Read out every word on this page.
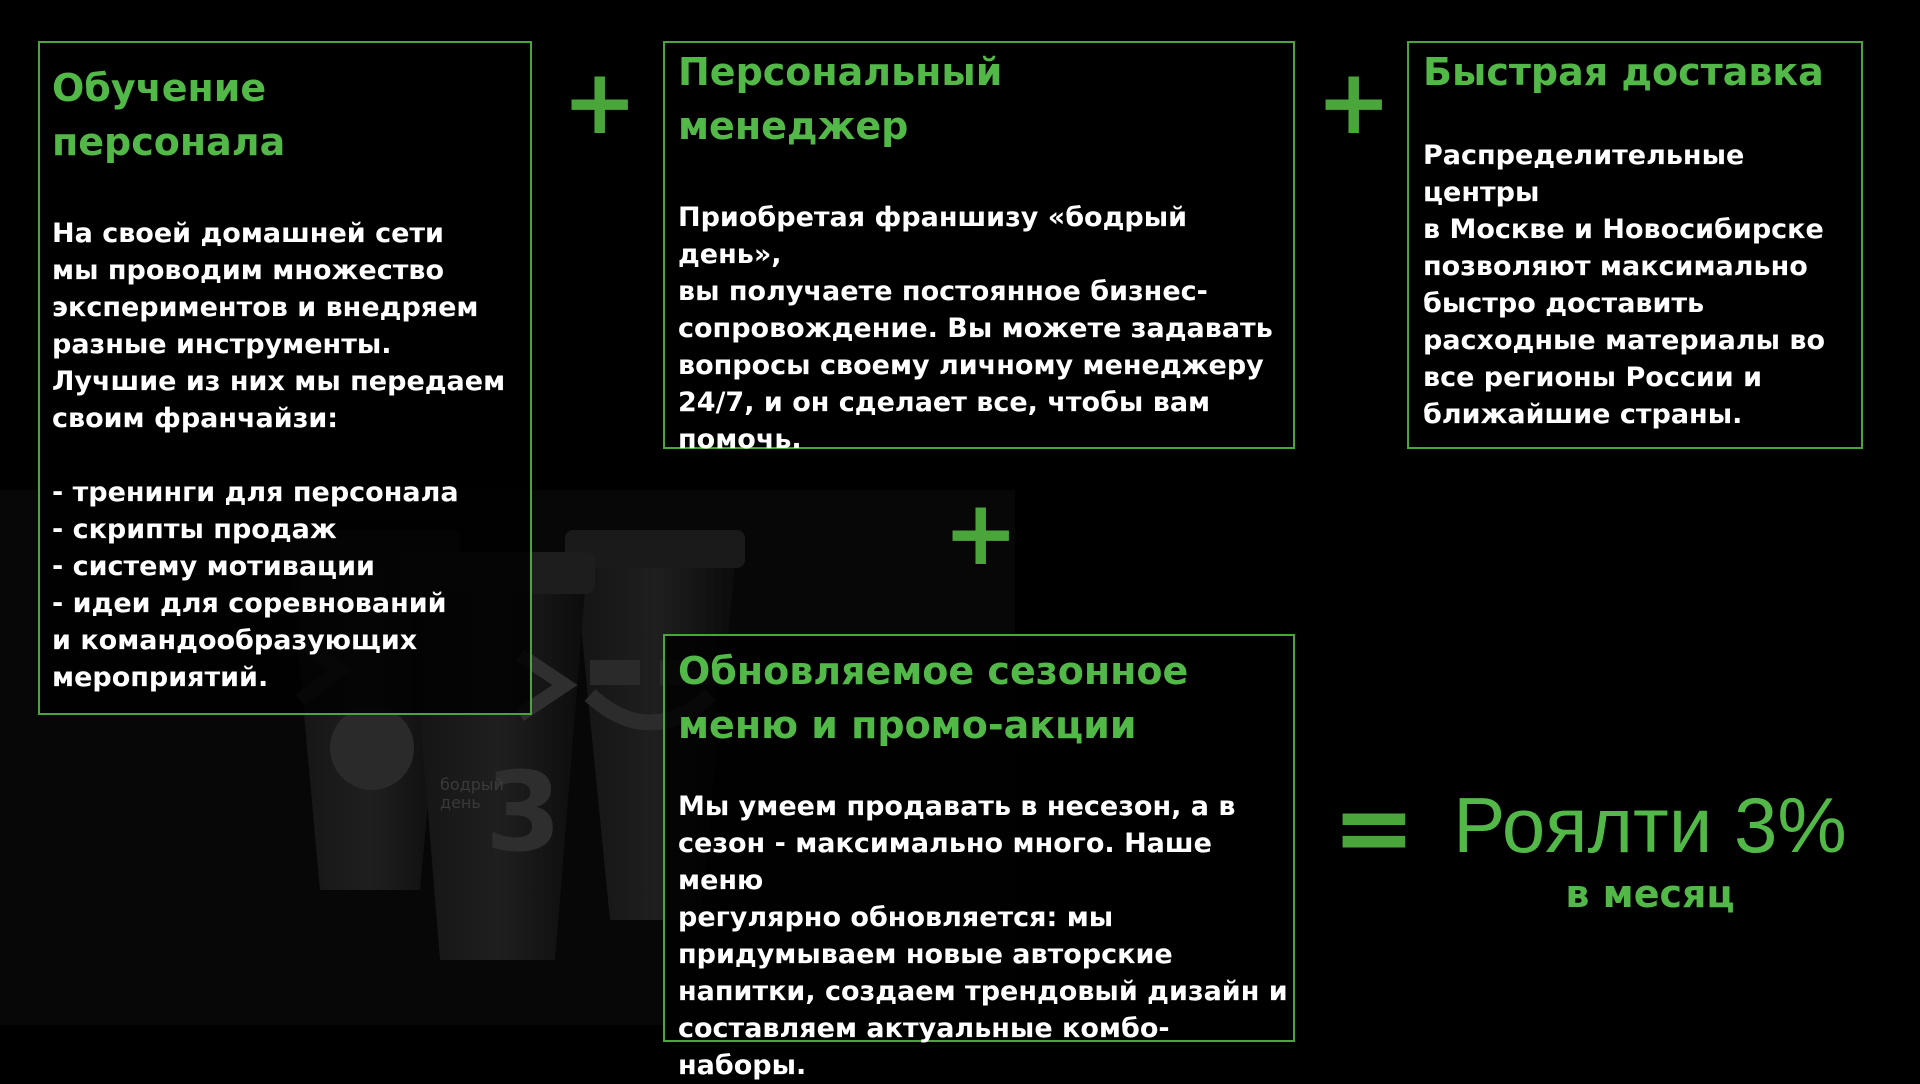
3
бодрый
день
Обучение
персонала

На своей домашней сети
мы проводим множество
экспериментов и внедряем
разные инструменты.
Лучшие из них мы передаем
своим франчайзи:

- тренинги для персонала
- скрипты продаж
- систему мотивации
- идеи для соревнований
и командообразующих
мероприятий.

+ Персональный
менеджер

Приобретая франшизу «бодрый день»,
вы получаете постоянное бизнес-
сопровождение. Вы можете задавать
вопросы своему личному менеджеру
24/7, и он сделает все, чтобы вам
помочь.

+ Быстрая доставка

Распределительные центры
в Москве и Новосибирске
позволяют максимально
быстро доставить
расходные материалы во
все регионы России и
ближайшие страны.

+
Обновляемое сезонное
меню и промо-акции

Мы умеем продавать в несезон, а в
сезон - максимально много. Наше меню
регулярно обновляется: мы
придумываем новые авторские
напитки, создаем трендовый дизайн и
составляем актуальные комбо-наборы.

= Роялти 3%
в месяц
